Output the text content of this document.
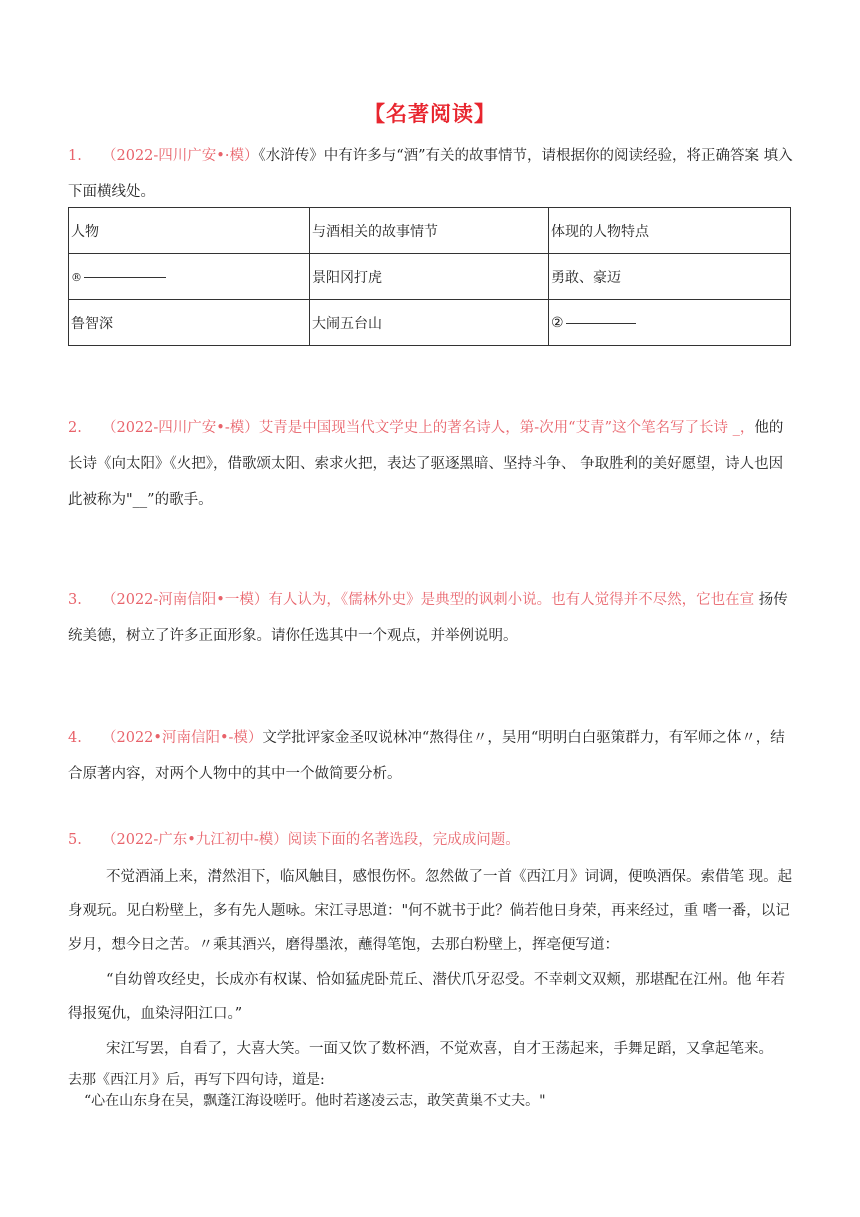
【名著阅读】
1. （2022-四川广安•·模）《水浒传》中有许多与“酒”有关的故事情节，请根据你的阅读经验，将正确答案 填入下面横线处。
人物	与酒相关的故事情节	体现的人物特点
®	景阳冈打虎	勇敢、豪迈
鲁智深	大闹五台山	②
2. （2022-四川广安•-模）艾青是中国现当代文学史上的著名诗人，第-次用“艾青”这个笔名写了长诗 _，他的长诗《向太阳》《火把》，借歌颂太阳、索求火把，表达了驱逐黑暗、坚持斗争、 争取胜利的美好愿望，诗人也因此被称为"__”的歌手。
3. （2022-河南信阳•一模）有人认为，《儒林外史》是典型的讽刺小说。也有人觉得并不尽然，它也在宣 扬传统美德，树立了许多正面形象。请你任选其中一个观点，并举例说明。
4. （2022•河南信阳•-模）文学批评家金圣叹说林冲“熬得住〃，吴用“明明白白驱策群力，有军师之体〃，结 合原著内容，对两个人物中的其中一个做简要分析。
5. （2022-广东•九江初中-模）阅读下面的名著选段，完成成问题。
不觉酒涌上来，潸然泪下，临风触目，感恨伤怀。忽然做了一首《西江月》词调，便唤酒保。索借笔 现。起身观玩。见白粉壁上，多有先人题咏。宋江寻思道："何不就书于此？倘若他日身荣，再来经过，重 嗜一番，以记岁月，想今日之苦。〃乘其酒兴，磨得墨浓，蘸得笔饱，去那白粉壁上，挥亳便写道：
“自幼曾攻经史，长成亦有权谋、恰如猛虎卧荒丘、潜伏爪牙忍受。不幸刺文双颊，那堪配在江州。他 年若得报冤仇，血染浔阳江口。”
宋江写罢，自看了，大喜大笑。一面又饮了数杯酒，不觉欢喜，自才王荡起来，手舞足蹈，又拿起笔来。
去那《西江月》后，再写下四句诗，道是:
“心在山东身在吴，飘蓬江海设嗟吁。他时若遂凌云志，敢笑黄巢不丈夫。"
